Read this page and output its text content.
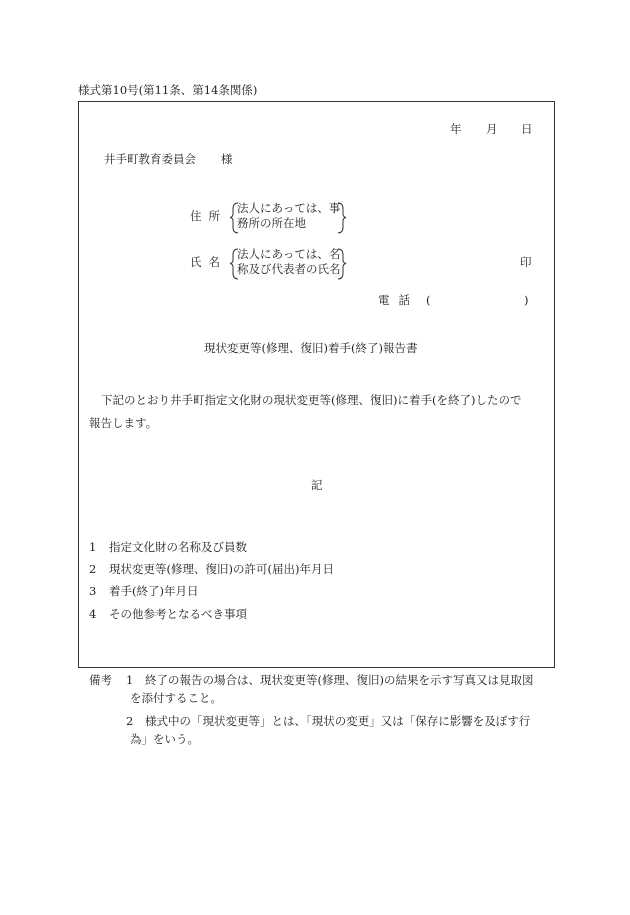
様式第10号(第11条、第14条関係)
年 月 日
井手町教育委員会 様
住所
法人にあっては、事
務所の所在地
氏名
法人にあっては、名
称及び代表者の氏名	印
電話 (	)
現状変更等(修理、復旧)着手(終了)報告書
下記のとおり井手町指定文化財の現状変更等(修理、復旧)に着手(を終了)したので
報告します。
記
1 指定文化財の名称及び員数
2 現状変更等(修理、復旧)の許可(届出)年月日
3 着手(終了)年月日
4 その他参考となるべき事項
備考 1 終了の報告の場合は、現状変更等(修理、復旧)の結果を示す写真又は見取図
を添付すること。
2 様式中の「現状変更等」とは、「現状の変更」又は「保存に影響を及ぼす行
為」をいう。
